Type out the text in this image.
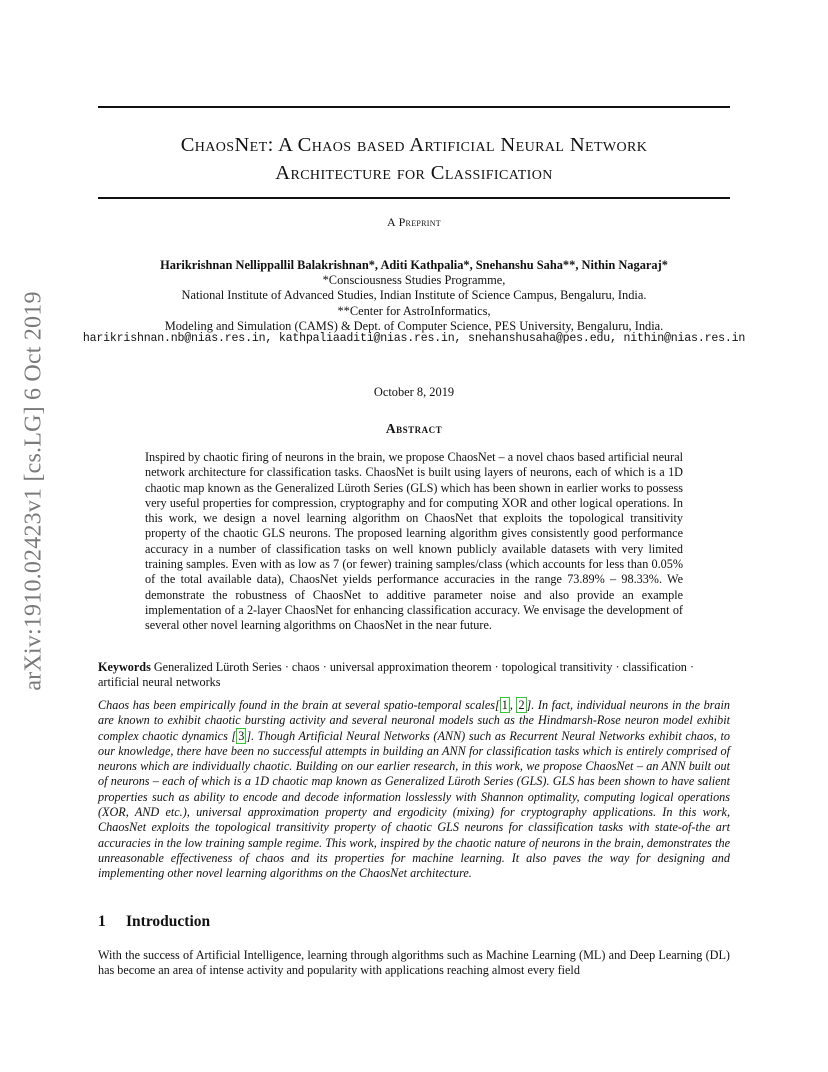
arXiv:1910.02423v1 [cs.LG] 6 Oct 2019
ChaosNet: A Chaos based Artificial Neural Network
Architecture for Classification
A Preprint
Harikrishnan Nellippallil Balakrishnan*, Aditi Kathpalia*, Snehanshu Saha**, Nithin Nagaraj*
*Consciousness Studies Programme,
National Institute of Advanced Studies, Indian Institute of Science Campus, Bengaluru, India.
**Center for AstroInformatics,
Modeling and Simulation (CAMS) & Dept. of Computer Science, PES University, Bengaluru, India.
harikrishnan.nb@nias.res.in, kathpaliaaditi@nias.res.in, snehanshusaha@pes.edu, nithin@nias.res.in
October 8, 2019
Abstract
Inspired by chaotic firing of neurons in the brain, we propose ChaosNet – a novel chaos based artificial neural network architecture for classification tasks. ChaosNet is built using layers of neurons, each of which is a 1D chaotic map known as the Generalized Lüroth Series (GLS) which has been shown in earlier works to possess very useful properties for compression, cryptography and for computing XOR and other logical operations. In this work, we design a novel learning algorithm on ChaosNet that exploits the topological transitivity property of the chaotic GLS neurons. The proposed learning algorithm gives consistently good performance accuracy in a number of classification tasks on well known publicly available datasets with very limited training samples. Even with as low as 7 (or fewer) training samples/class (which accounts for less than 0.05% of the total available data), ChaosNet yields performance accuracies in the range 73.89% – 98.33%. We demonstrate the robustness of ChaosNet to additive parameter noise and also provide an example implementation of a 2-layer ChaosNet for enhancing classification accuracy. We envisage the development of several other novel learning algorithms on ChaosNet in the near future.
Keywords Generalized Lüroth Series · chaos · universal approximation theorem · topological transitivity · classification · artificial neural networks
Chaos has been empirically found in the brain at several spatio-temporal scales[ 1 , 2 ]. In fact, individual neurons in the brain are known to exhibit chaotic bursting activity and several neuronal models such as the Hindmarsh-Rose neuron model exhibit complex chaotic dynamics [ 3 ]. Though Artificial Neural Networks (ANN) such as Recurrent Neural Networks exhibit chaos, to our knowledge, there have been no successful attempts in building an ANN for classification tasks which is entirely comprised of neurons which are individually chaotic. Building on our earlier research, in this work, we propose ChaosNet – an ANN built out of neurons – each of which is a 1D chaotic map known as Generalized Lüroth Series (GLS). GLS has been shown to have salient properties such as ability to encode and decode information losslessly with Shannon optimality, computing logical operations (XOR, AND etc.), universal approximation property and ergodicity (mixing) for cryptography applications. In this work, ChaosNet exploits the topological transitivity property of chaotic GLS neurons for classification tasks with state-of-the art accuracies in the low training sample regime. This work, inspired by the chaotic nature of neurons in the brain, demonstrates the unreasonable effectiveness of chaos and its properties for machine learning. It also paves the way for designing and implementing other novel learning algorithms on the ChaosNet architecture.
1 Introduction
With the success of Artificial Intelligence, learning through algorithms such as Machine Learning (ML) and Deep Learning (DL) has become an area of intense activity and popularity with applications reaching almost every field
